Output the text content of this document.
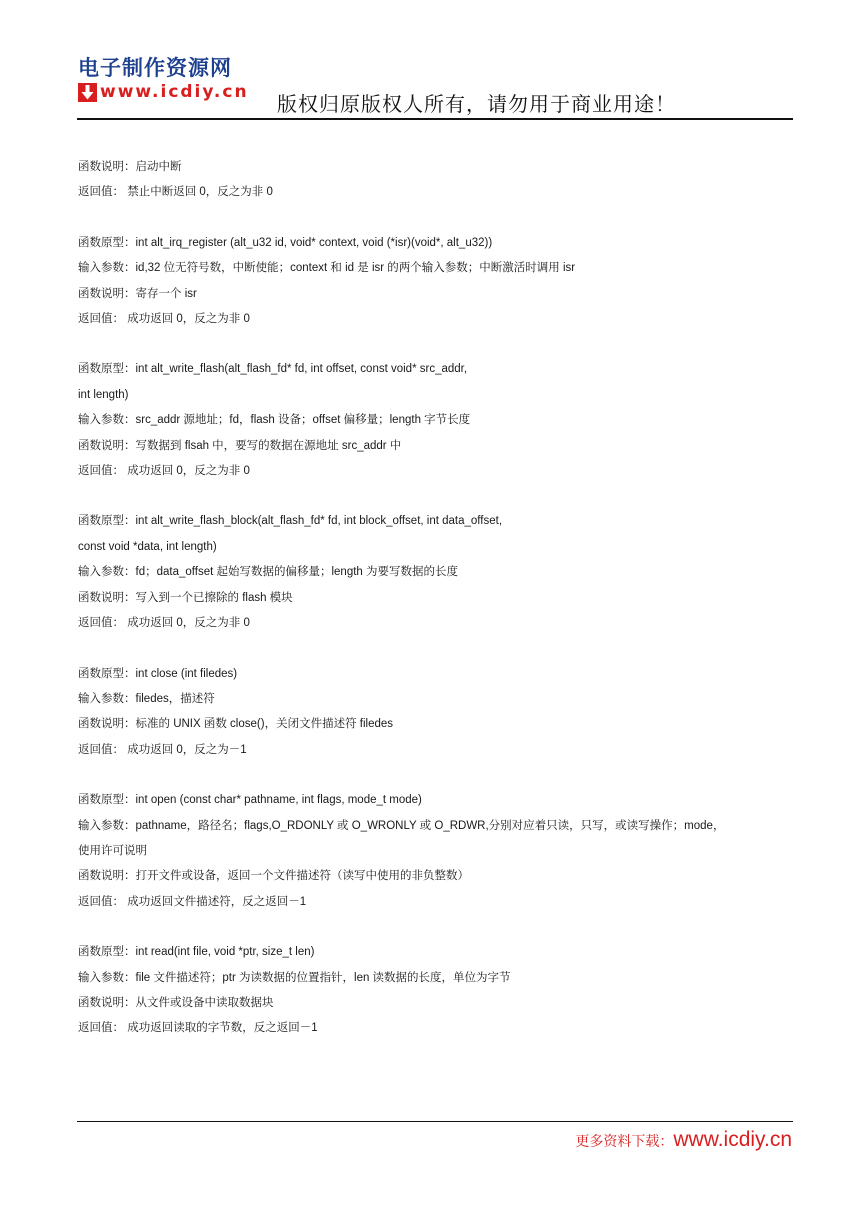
电子制作资源网
www.icdiy.cn 版权归原版权人所有，请勿用于商业用途！
函数说明：启动中断
返回值： 禁止中断返回 0，反之为非 0
函数原型：int alt_irq_register (alt_u32 id, void* context, void (*isr)(void*, alt_u32))
输入参数：id,32 位无符号数，中断使能；context 和 id 是 isr 的两个输入参数；中断激活时调用 isr
函数说明：寄存一个 isr
返回值： 成功返回 0，反之为非 0
函数原型：int alt_write_flash(alt_flash_fd* fd, int offset, const void* src_addr,
int length)
输入参数：src_addr 源地址；fd，flash 设备；offset 偏移量；length 字节长度
函数说明：写数据到 flsah 中，要写的数据在源地址 src_addr 中
返回值： 成功返回 0，反之为非 0
函数原型：int alt_write_flash_block(alt_flash_fd* fd, int block_offset, int data_offset,
const void *data, int length)
输入参数：fd；data_offset 起始写数据的偏移量；length 为要写数据的长度
函数说明：写入到一个已擦除的 flash 模块
返回值： 成功返回 0，反之为非 0
函数原型：int close (int filedes)
输入参数：filedes，描述符
函数说明：标准的 UNIX 函数 close()，关闭文件描述符 filedes
返回值： 成功返回 0，反之为－1
函数原型：int open (const char* pathname, int flags, mode_t mode)
输入参数：pathname，路径名；flags,O_RDONLY 或 O_WRONLY 或 O_RDWR,分别对应着只读，只写，或读写操作；mode，
使用许可说明
函数说明：打开文件或设备，返回一个文件描述符（读写中使用的非负整数）
返回值： 成功返回文件描述符，反之返回－1
函数原型：int read(int file, void *ptr, size_t len)
输入参数：file 文件描述符；ptr 为读数据的位置指针，len 读数据的长度，单位为字节
函数说明：从文件或设备中读取数据块
返回值： 成功返回读取的字节数，反之返回－1
更多资料下载： www.icdiy.cn
